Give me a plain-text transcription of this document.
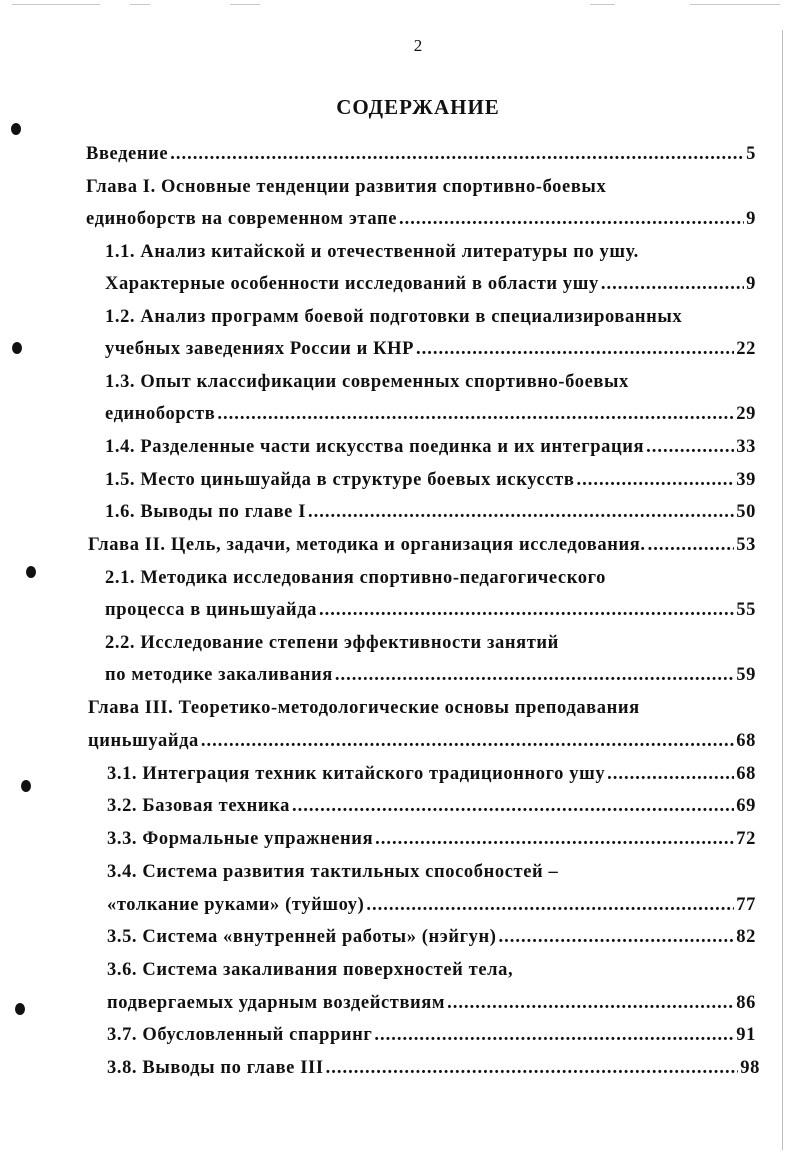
2
СОДЕРЖАНИЕ
Введение .....	5
Глава I. Основные тенденции развития спортивно-боевых
единоборств на современном этапе .....	9
1.1. Анализ китайской и отечественной литературы по ушу.
Характерные особенности исследований в области ушу .....	9
1.2. Анализ программ боевой подготовки в специализированных
учебных заведениях России и КНР .....	22
1.3. Опыт классификации современных спортивно-боевых
единоборств .....	29
1.4. Разделенные части искусства поединка и их интеграция .....	33
1.5. Место циньшуайда в структуре боевых искусств .....	39
1.6. Выводы по главе I .....	50
Глава II. Цель, задачи, методика и организация исследования. .....	53
2.1. Методика исследования спортивно-педагогического
процесса в циньшуайда .....	55
2.2. Исследование степени эффективности занятий
по методике закаливания .....	59
Глава III. Теоретико-методологические основы преподавания
циньшуайда .....	68
3.1. Интеграция техник китайского традиционного ушу .....	68
3.2. Базовая техника .....	69
3.3. Формальные упражнения .....	72
3.4. Система развития тактильных способностей –
«толкание руками» (туйшоу) .....	77
3.5. Система «внутренней работы» (нэйгун) .....	82
3.6. Система закаливания поверхностей тела,
подвергаемых ударным воздействиям .....	86
3.7. Обусловленный спарринг .....	91
3.8. Выводы по главе III .....	98
